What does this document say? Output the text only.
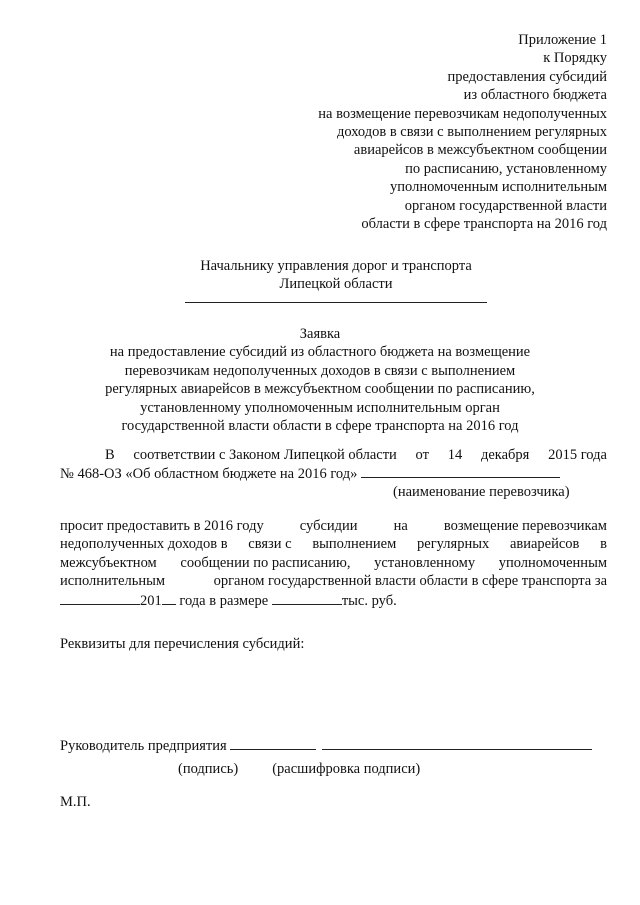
Приложение 1
к Порядку
предоставления субсидий
из областного бюджета
на возмещение перевозчикам недополученных
доходов в связи с выполнением регулярных
авиарейсов в межсубъектном сообщении
по расписанию, установленному
уполномоченным исполнительным
органом государственной власти
области в сфере транспорта на 2016 год
Начальнику управления дорог и транспорта
Липецкой области
Заявка
на предоставление субсидий из областного бюджета на возмещение
перевозчикам недополученных доходов в связи с выполнением
регулярных авиарейсов в межсубъектном сообщении по расписанию,
установленному уполномоченным исполнительным орган
государственной власти области в сфере транспорта на 2016 год
В соответствии с Законом Липецкой области от 14 декабря 2015 года
№ 468-ОЗ «Об областном бюджете на 2016 год»
(наименование перевозчика)
просит предоставить в 2016 году субсидии на возмещение перевозчикам
недополученных доходов в связи с выполнением регулярных авиарейсов в
межсубъектном сообщении по расписанию, установленному уполномоченным
исполнительным	органом государственной власти области в сфере транспорта за
201 года в размере	тыс. руб.
Реквизиты для перечисления субсидий:
Руководитель предприятия
(подпись) (расшифровка подписи)
М.П.
